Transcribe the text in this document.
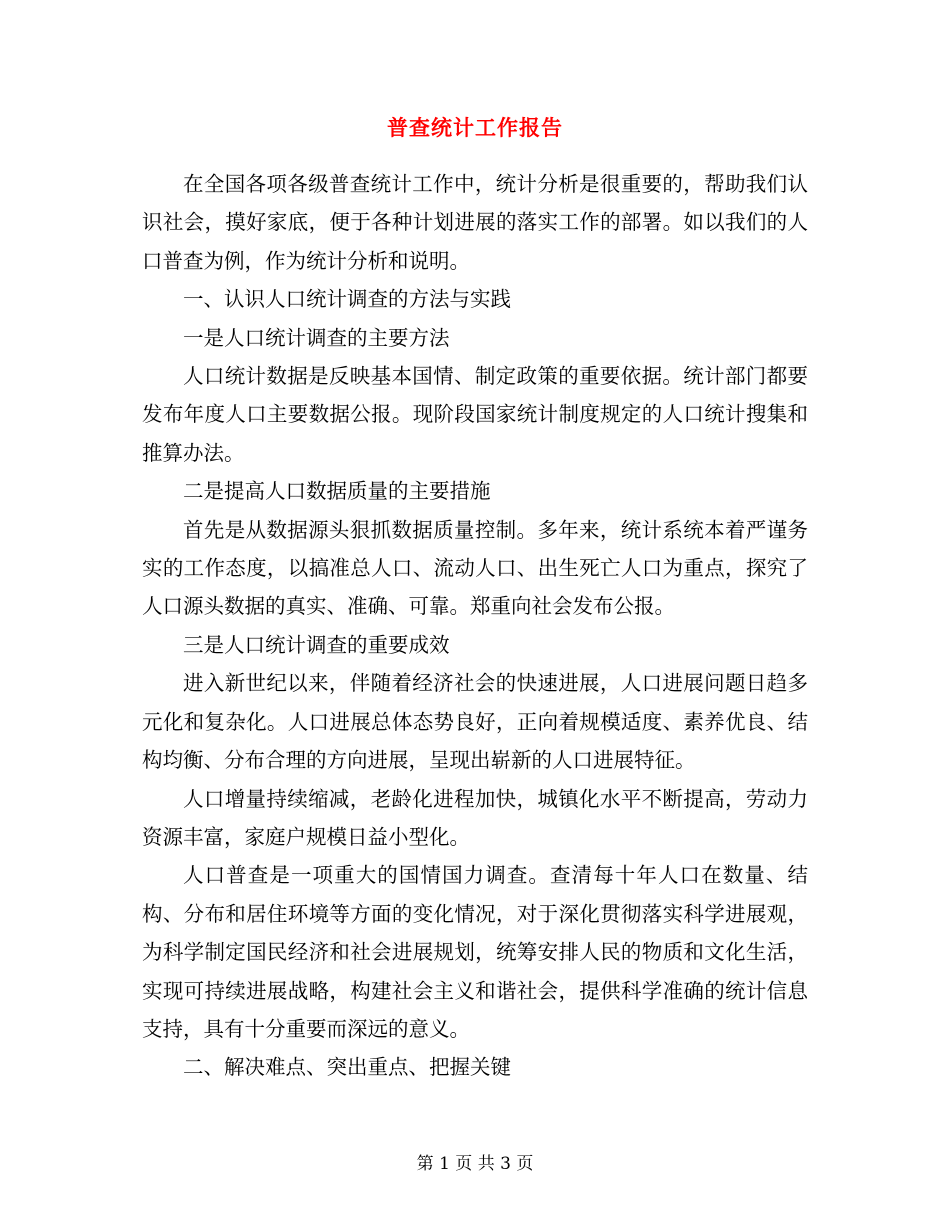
普查统计工作报告

在全国各项各级普查统计工作中，统计分析是很重要的，帮助我们认识社会，摸好家底，便于各种计划进展的落实工作的部署。如以我们的人口普查为例，作为统计分析和说明。

一、认识人口统计调查的方法与实践

一是人口统计调查的主要方法

人口统计数据是反映基本国情、制定政策的重要依据。统计部门都要发布年度人口主要数据公报。现阶段国家统计制度规定的人口统计搜集和推算办法。

二是提高人口数据质量的主要措施

首先是从数据源头狠抓数据质量控制。多年来，统计系统本着严谨务实的工作态度，以搞准总人口、流动人口、出生死亡人口为重点，探究了人口源头数据的真实、准确、可靠。郑重向社会发布公报。

三是人口统计调查的重要成效

进入新世纪以来，伴随着经济社会的快速进展，人口进展问题日趋多元化和复杂化。人口进展总体态势良好，正向着规模适度、素养优良、结构均衡、分布合理的方向进展，呈现出崭新的人口进展特征。

人口增量持续缩减，老龄化进程加快，城镇化水平不断提高，劳动力资源丰富，家庭户规模日益小型化。

人口普查是一项重大的国情国力调查。查清每十年人口在数量、结构、分布和居住环境等方面的变化情况，对于深化贯彻落实科学进展观，为科学制定国民经济和社会进展规划，统筹安排人民的物质和文化生活，实现可持续进展战略，构建社会主义和谐社会，提供科学准确的统计信息支持，具有十分重要而深远的意义。

二、解决难点、突出重点、把握关键

第 1 页 共 3 页
